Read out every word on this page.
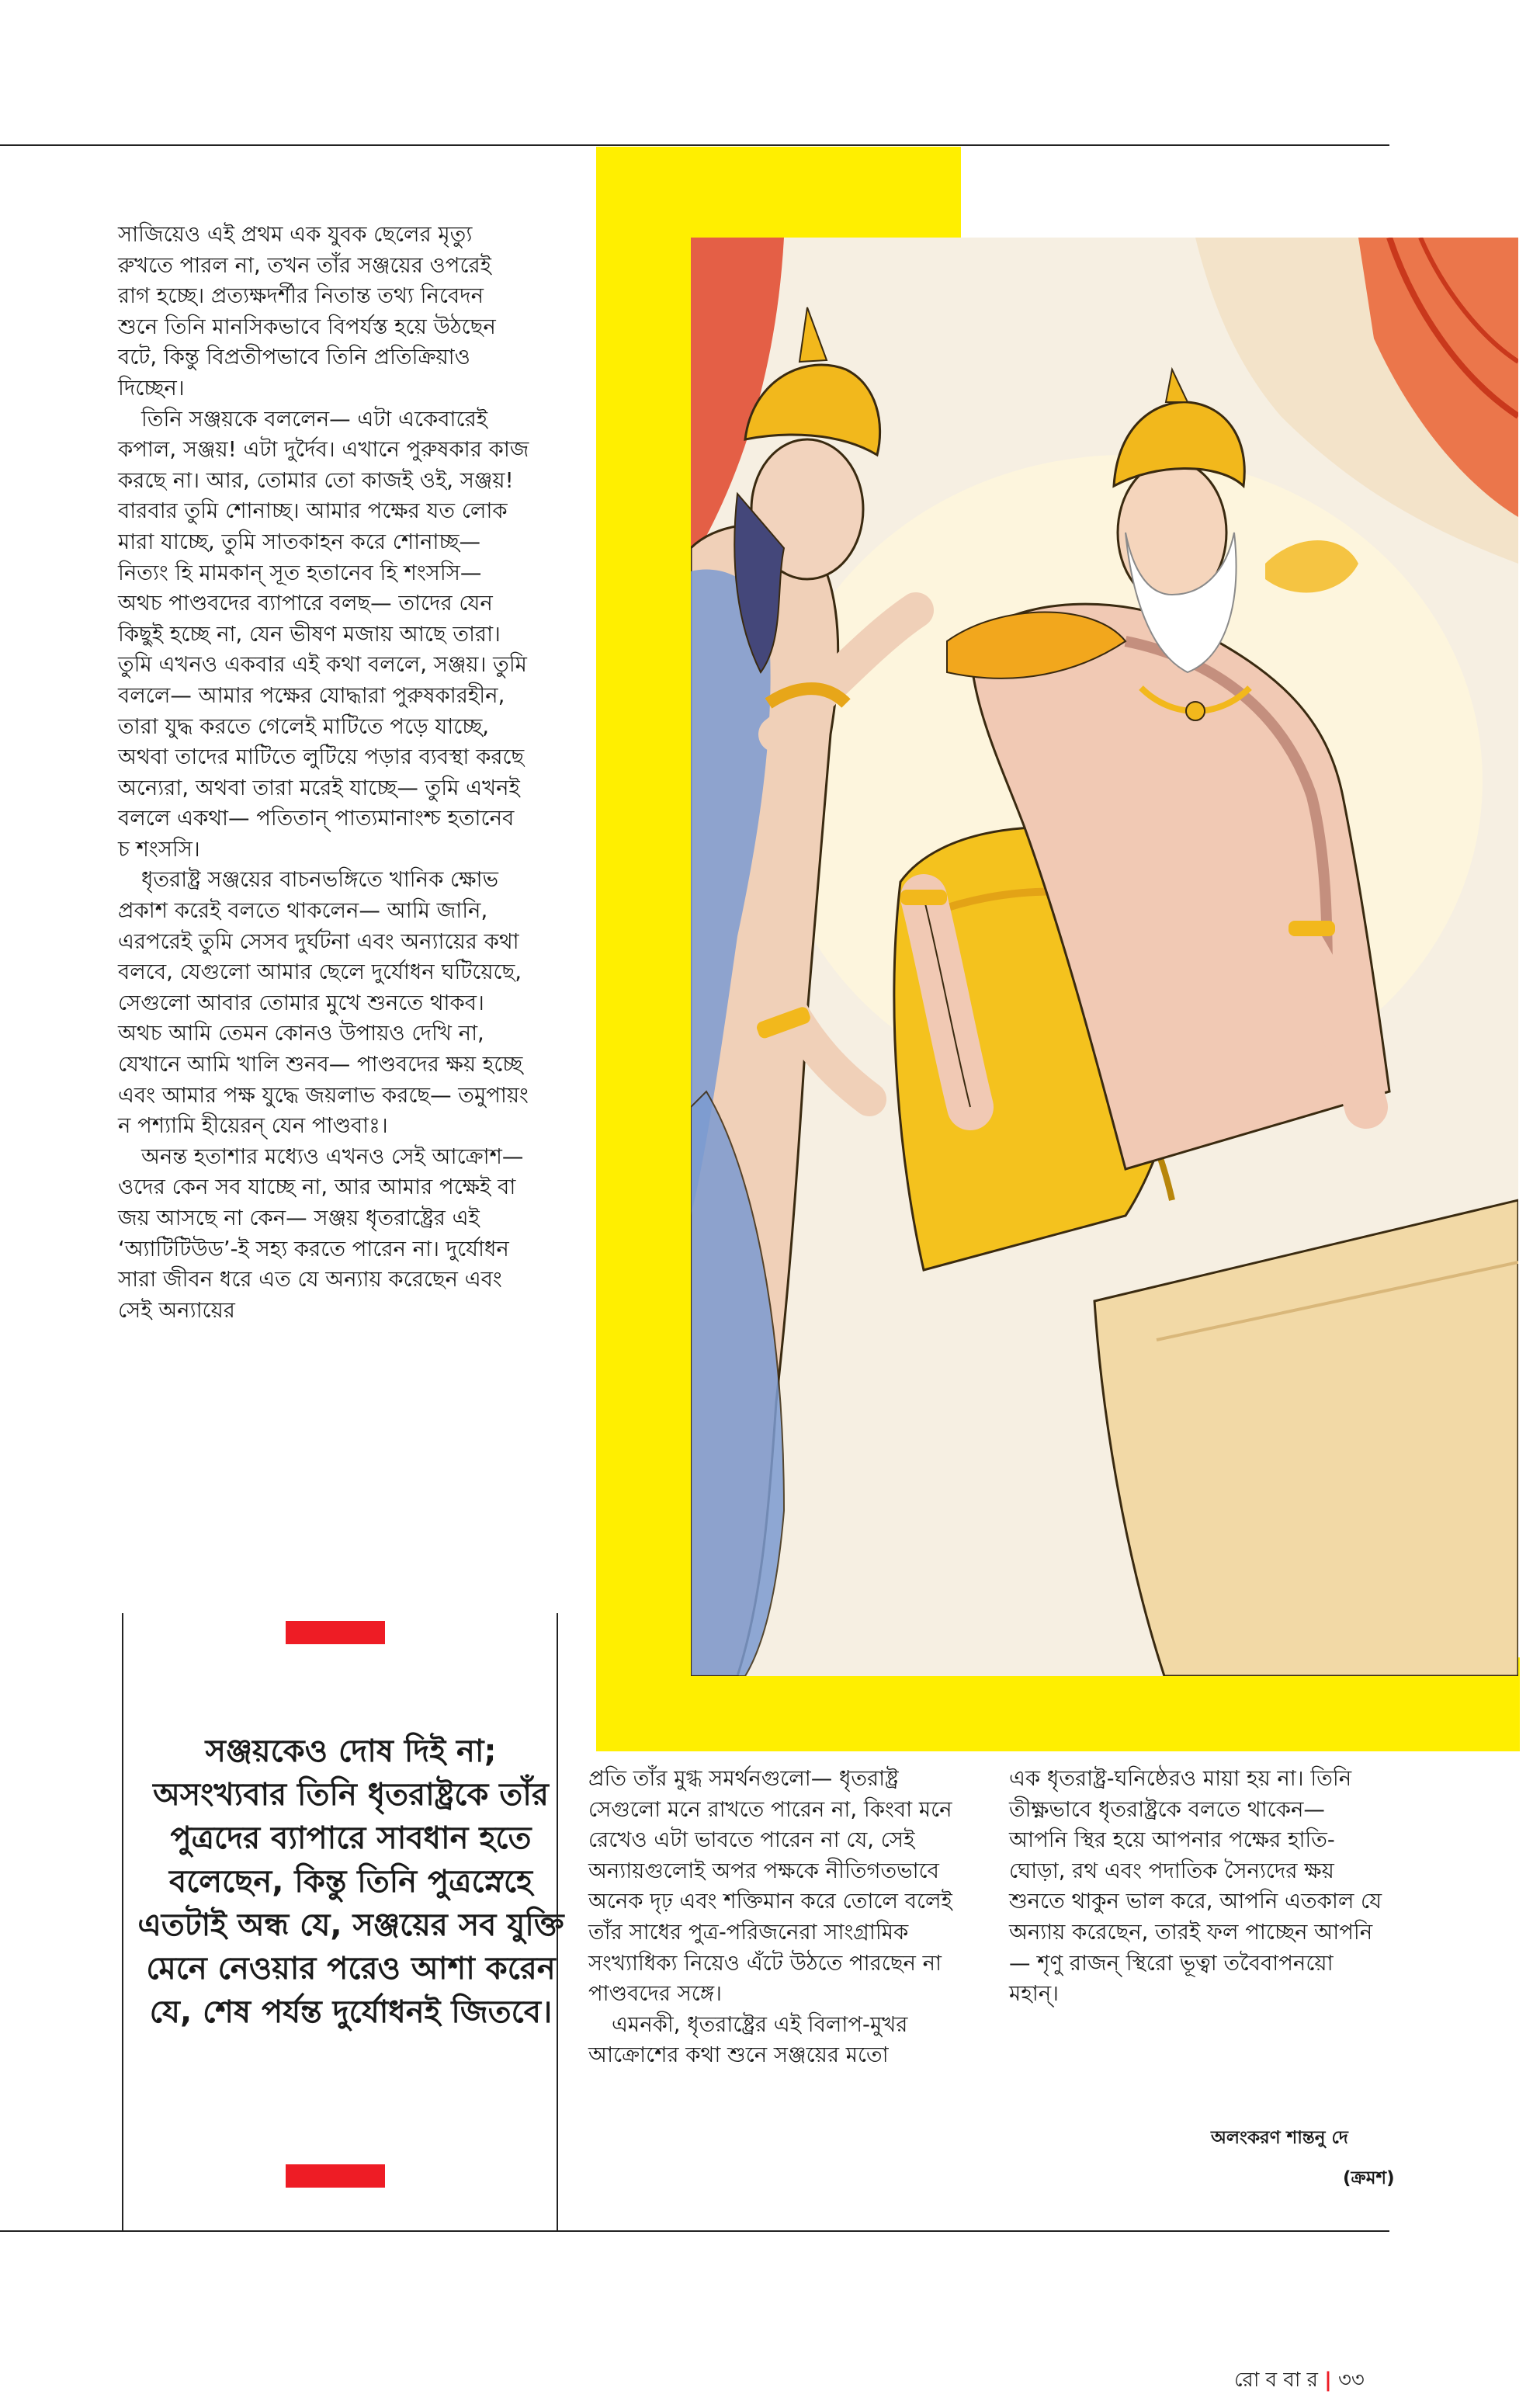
সাজিয়েও এই প্রথম এক যুবক ছেলের মৃত্যু রুখতে পারল না, তখন তাঁর সঞ্জয়ের ওপরেই রাগ হচ্ছে। প্রত্যক্ষদর্শীর নিতান্ত তথ্য নিবেদন শুনে তিনি মানসিকভাবে বিপর্যস্ত হয়ে উঠছেন বটে, কিন্তু বিপ্রতীপভাবে তিনি প্রতিক্রিয়াও দিচ্ছেন।

তিনি সঞ্জয়কে বললেন— এটা একেবারেই কপাল, সঞ্জয়! এটা দুর্দৈব। এখানে পুরুষকার কাজ করছে না। আর, তোমার তো কাজই ওই, সঞ্জয়! বারবার তুমি শোনাচ্ছ। আমার পক্ষের যত লোক মারা যাচ্ছে, তুমি সাতকাহন করে শোনাচ্ছ— নিত্যং হি মামকান্ সূত হতানেব হি শংসসি— অথচ পাণ্ডবদের ব্যাপারে বলছ— তাদের যেন কিছুই হচ্ছে না, যেন ভীষণ মজায় আছে তারা। তুমি এখনও একবার এই কথা বললে, সঞ্জয়। তুমি বললে— আমার পক্ষের যোদ্ধারা পুরুষকারহীন, তারা যুদ্ধ করতে গেলেই মাটিতে পড়ে যাচ্ছে, অথবা তাদের মাটিতে লুটিয়ে পড়ার ব্যবস্থা করছে অন্যেরা, অথবা তারা মরেই যাচ্ছে— তুমি এখনই বললে একথা— পতিতান্ পাত্যমানাংশ্চ হতানেব চ শংসসি।

ধৃতরাষ্ট্র সঞ্জয়ের বাচনভঙ্গিতে খানিক ক্ষোভ প্রকাশ করেই বলতে থাকলেন— আমি জানি, এরপরেই তুমি সেসব দুর্ঘটনা এবং অন্যায়ের কথা বলবে, যেগুলো আমার ছেলে দুর্যোধন ঘটিয়েছে, সেগুলো আবার তোমার মুখে শুনতে থাকব। অথচ আমি তেমন কোনও উপায়ও দেখি না, যেখানে আমি খালি শুনব— পাণ্ডবদের ক্ষয় হচ্ছে এবং আমার পক্ষ যুদ্ধে জয়লাভ করছে— তমুপায়ং ন পশ্যামি হীয়েরন্ যেন পাণ্ডবাঃ।

অনন্ত হতাশার মধ্যেও এখনও সেই আক্রোশ— ওদের কেন সব যাচ্ছে না, আর আমার পক্ষেই বা জয় আসছে না কেন— সঞ্জয় ধৃতরাষ্ট্রের এই ‘অ্যাটিটিউড’-ই সহ্য করতে পারেন না। দুর্যোধন সারা জীবন ধরে এত যে অন্যায় করেছেন এবং সেই অন্যায়ের

সঞ্জয়কেও দোষ দিই না; অসংখ্যবার তিনি ধৃতরাষ্ট্রকে তাঁর পুত্রদের ব্যাপারে সাবধান হতে বলেছেন, কিন্তু তিনি পুত্রস্নেহে এতটাই অন্ধ যে, সঞ্জয়ের সব যুক্তি মেনে নেওয়ার পরেও আশা করেন যে, শেষ পর্যন্ত দুর্যোধনই জিতবে।

প্রতি তাঁর মুগ্ধ সমর্থনগুলো— ধৃতরাষ্ট্র সেগুলো মনে রাখতে পারেন না, কিংবা মনে রেখেও এটা ভাবতে পারেন না যে, সেই অন্যায়গুলোই অপর পক্ষকে নীতিগতভাবে অনেক দৃঢ় এবং শক্তিমান করে তোলে বলেই তাঁর সাধের পুত্র-পরিজনেরা সাংগ্রামিক সংখ্যাধিক্য নিয়েও এঁটে উঠতে পারছেন না পাণ্ডবদের সঙ্গে।

এমনকী, ধৃতরাষ্ট্রের এই বিলাপ-মুখর আক্রোশের কথা শুনে সঞ্জয়ের মতো

এক ধৃতরাষ্ট্র-ঘনিষ্ঠেরও মায়া হয় না। তিনি তীক্ষ্ণভাবে ধৃতরাষ্ট্রকে বলতে থাকেন— আপনি স্থির হয়ে আপনার পক্ষের হাতি-ঘোড়া, রথ এবং পদাতিক সৈন্যদের ক্ষয় শুনতে থাকুন ভাল করে, আপনি এতকাল যে অন্যায় করেছেন, তারই ফল পাচ্ছেন আপনি— শৃণু রাজন্ স্থিরো ভূত্বা তবৈবাপনয়ো মহান্।

অলংকরণ শান্তনু দে
(ক্রমশ)
রো ব বা র | ৩৩
